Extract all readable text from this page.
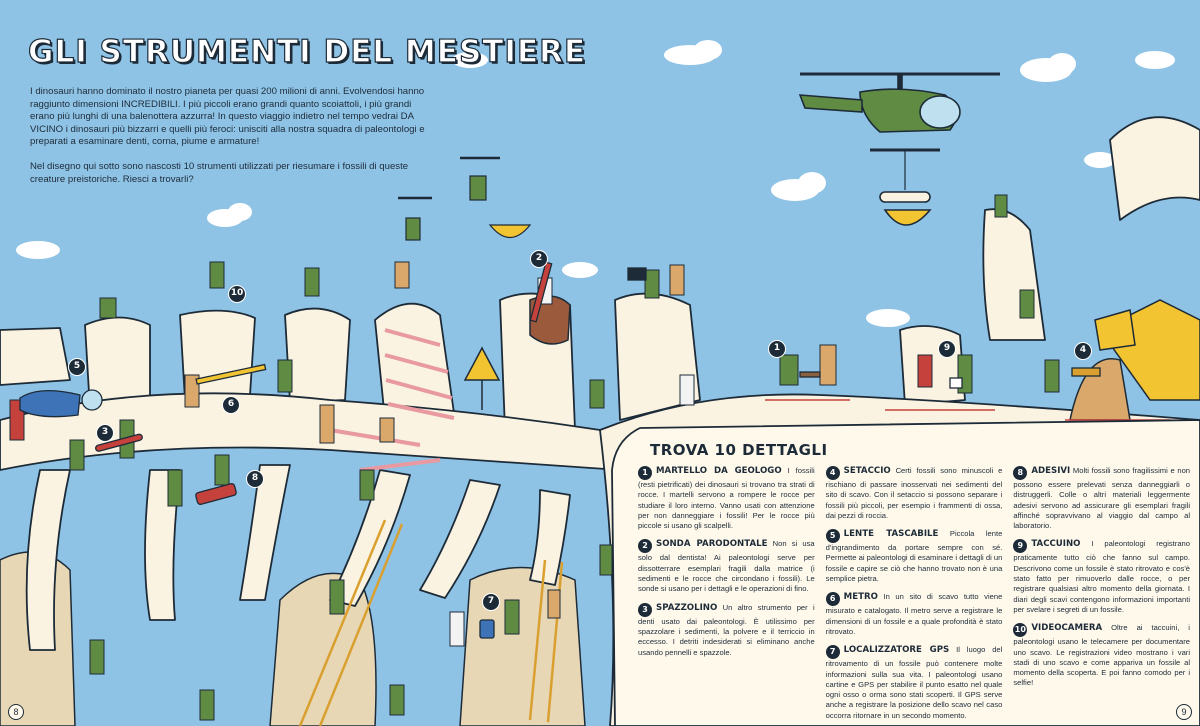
GLI STRUMENTI DEL MESTIERE

I dinosauri hanno dominato il nostro pianeta per quasi 200 milioni di anni. Evolvendosi hanno raggiunto dimensioni INCREDIBILI. I più piccoli erano grandi quanto scoiattoli, i più grandi erano più lunghi di una balenottera azzurra! In questo viaggio indietro nel tempo vedrai DA VICINO i dinosauri più bizzarri e quelli più feroci: unisciti alla nostra squadra di paleontologi e preparati a esaminare denti, corna, piume e armature!

Nel disegno qui sotto sono nascosti 10 strumenti utilizzati per riesumare i fossili di queste creature preistoriche. Riesci a trovarli?

TROVA 10 DETTAGLI
1 MARTELLO DA GEOLOGO I fossili (resti pietrificati) dei dinosauri si trovano tra strati di rocce. I martelli servono a rompere le rocce per studiare il loro interno. Vanno usati con attenzione per non danneggiare i fossili! Per le rocce più piccole si usano gli scalpelli.
2 SONDA PARODONTALE Non si usa solo dal dentista! Ai paleontologi serve per dissotterrare esemplari fragili dalla matrice (i sedimenti e le rocce che circondano i fossili). Le sonde si usano per i dettagli e le operazioni di fino.
3 SPAZZOLINO Un altro strumento per i denti usato dai paleontologi. È utilissimo per spazzolare i sedimenti, la polvere e il terriccio in eccesso. I detriti indesiderati si eliminano anche usando pennelli e spazzole.
4 SETACCIO Certi fossili sono minuscoli e rischiano di passare inosservati nei sedimenti del sito di scavo. Con il setaccio si possono separare i fossili più piccoli, per esempio i frammenti di ossa, dai pezzi di roccia.
5 LENTE TASCABILE Piccola lente d'ingrandimento da portare sempre con sé. Permette ai paleontologi di esaminare i dettagli di un fossile e capire se ciò che hanno trovato non è una semplice pietra.
6 METRO In un sito di scavo tutto viene misurato e catalogato. Il metro serve a registrare le dimensioni di un fossile e a quale profondità è stato ritrovato.
7 LOCALIZZATORE GPS Il luogo del ritrovamento di un fossile può contenere molte informazioni sulla sua vita. I paleontologi usano cartine e GPS per stabilire il punto esatto nel quale ogni osso o orma sono stati scoperti. Il GPS serve anche a registrare la posizione dello scavo nel caso occorra ritornare in un secondo momento.
8 ADESIVI Molti fossili sono fragilissimi e non possono essere prelevati senza danneggiarli o distruggerli. Colle o altri materiali leggermente adesivi servono ad assicurare gli esemplari fragili affinché sopravvivano al viaggio dal campo al laboratorio.
9 TACCUINO I paleontologi registrano praticamente tutto ciò che fanno sul campo. Descrivono come un fossile è stato ritrovato e cos'è stato fatto per rimuoverlo dalle rocce, o per registrare qualsiasi altro momento della giornata. I diari degli scavi contengono informazioni importanti per svelare i segreti di un fossile.
10 VIDEOCAMERA Oltre ai taccuini, i paleontologi usano le telecamere per documentare uno scavo. Le registrazioni video mostrano i vari stadi di uno scavo e come appariva un fossile al momento della scoperta. E poi fanno comodo per i selfie!
1
2
3
4
5
6
7
8
9
10
8	9
